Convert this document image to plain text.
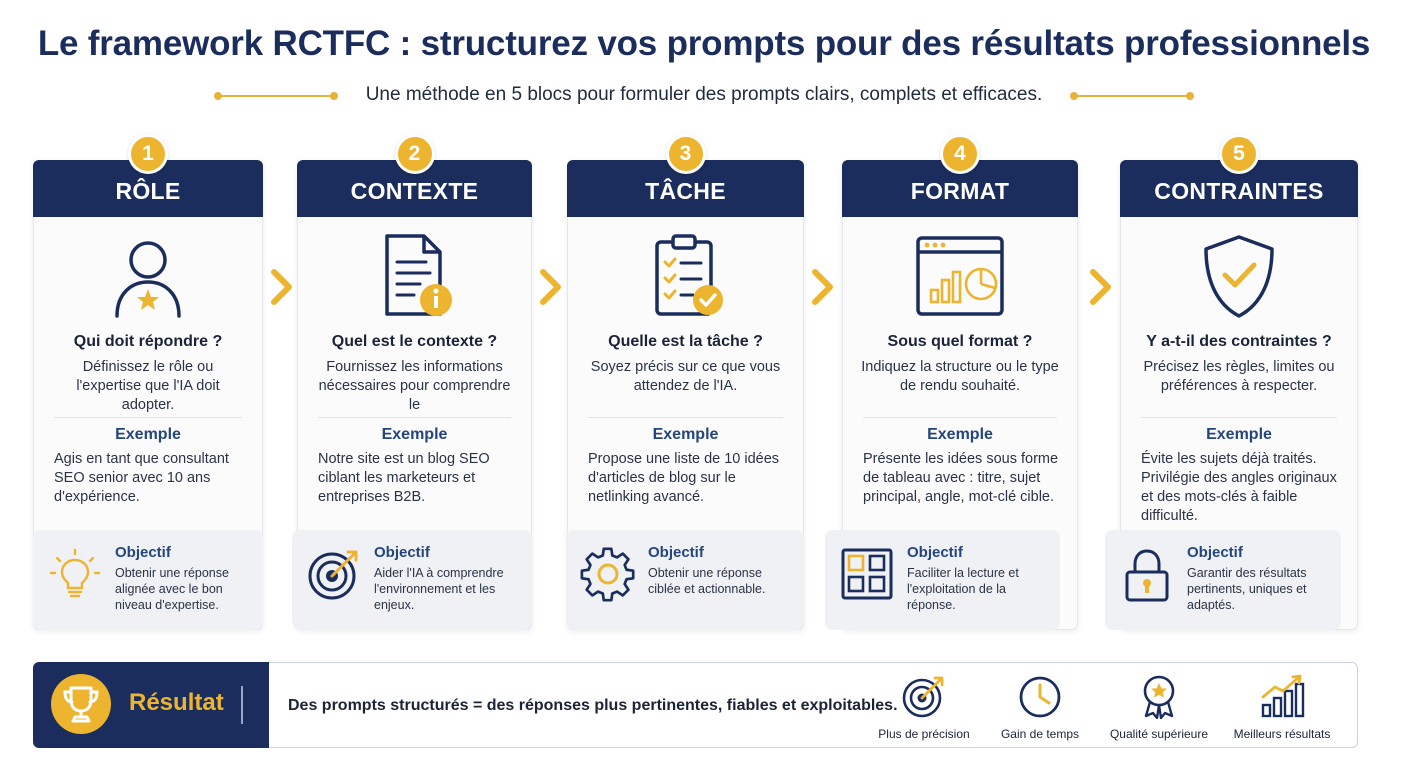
Le framework RCTFC : structurez vos prompts pour des résultats professionnels
Une méthode en 5 blocs pour formuler des prompts clairs, complets et efficaces.
RÔLE
1
Qui doit répondre ?
Définissez le rôle ou l'expertise que l'IA doit adopter.
Exemple
Agis en tant que consultant SEO senior avec 10 ans d'expérience.
Objectif
Obtenir une réponse alignée avec le bon niveau d'expertise.
CONTEXTE
2
Quel est le contexte ?
Fournissez les informations nécessaires pour comprendre le
Exemple
Notre site est un blog SEO ciblant les marketeurs et entreprises B2B.
Objectif
Aider l'IA à comprendre l'environnement et les enjeux.
TÂCHE
3
Quelle est la tâche ?
Soyez précis sur ce que vous attendez de l'IA.
Exemple
Propose une liste de 10 idées d'articles de blog sur le netlinking avancé.
Objectif
Obtenir une réponse ciblée et actionnable.
FORMAT
4
Sous quel format ?
Indiquez la structure ou le type de rendu souhaité.
Exemple
Présente les idées sous forme de tableau avec : titre, sujet principal, angle, mot-clé cible.
Objectif
Faciliter la lecture et l'exploitation de la réponse.
CONTRAINTES
5
Y a-t-il des contraintes ?
Précisez les règles, limites ou préférences à respecter.
Exemple
Évite les sujets déjà traités. Privilégie des angles originaux et des mots-clés à faible difficulté.
Objectif
Garantir des résultats pertinents, uniques et adaptés.
Résultat	Des prompts structurés = des réponses plus pertinentes, fiables et exploitables.
Plus de précision	Gain de temps	Qualité supérieure	Meilleurs résultats
